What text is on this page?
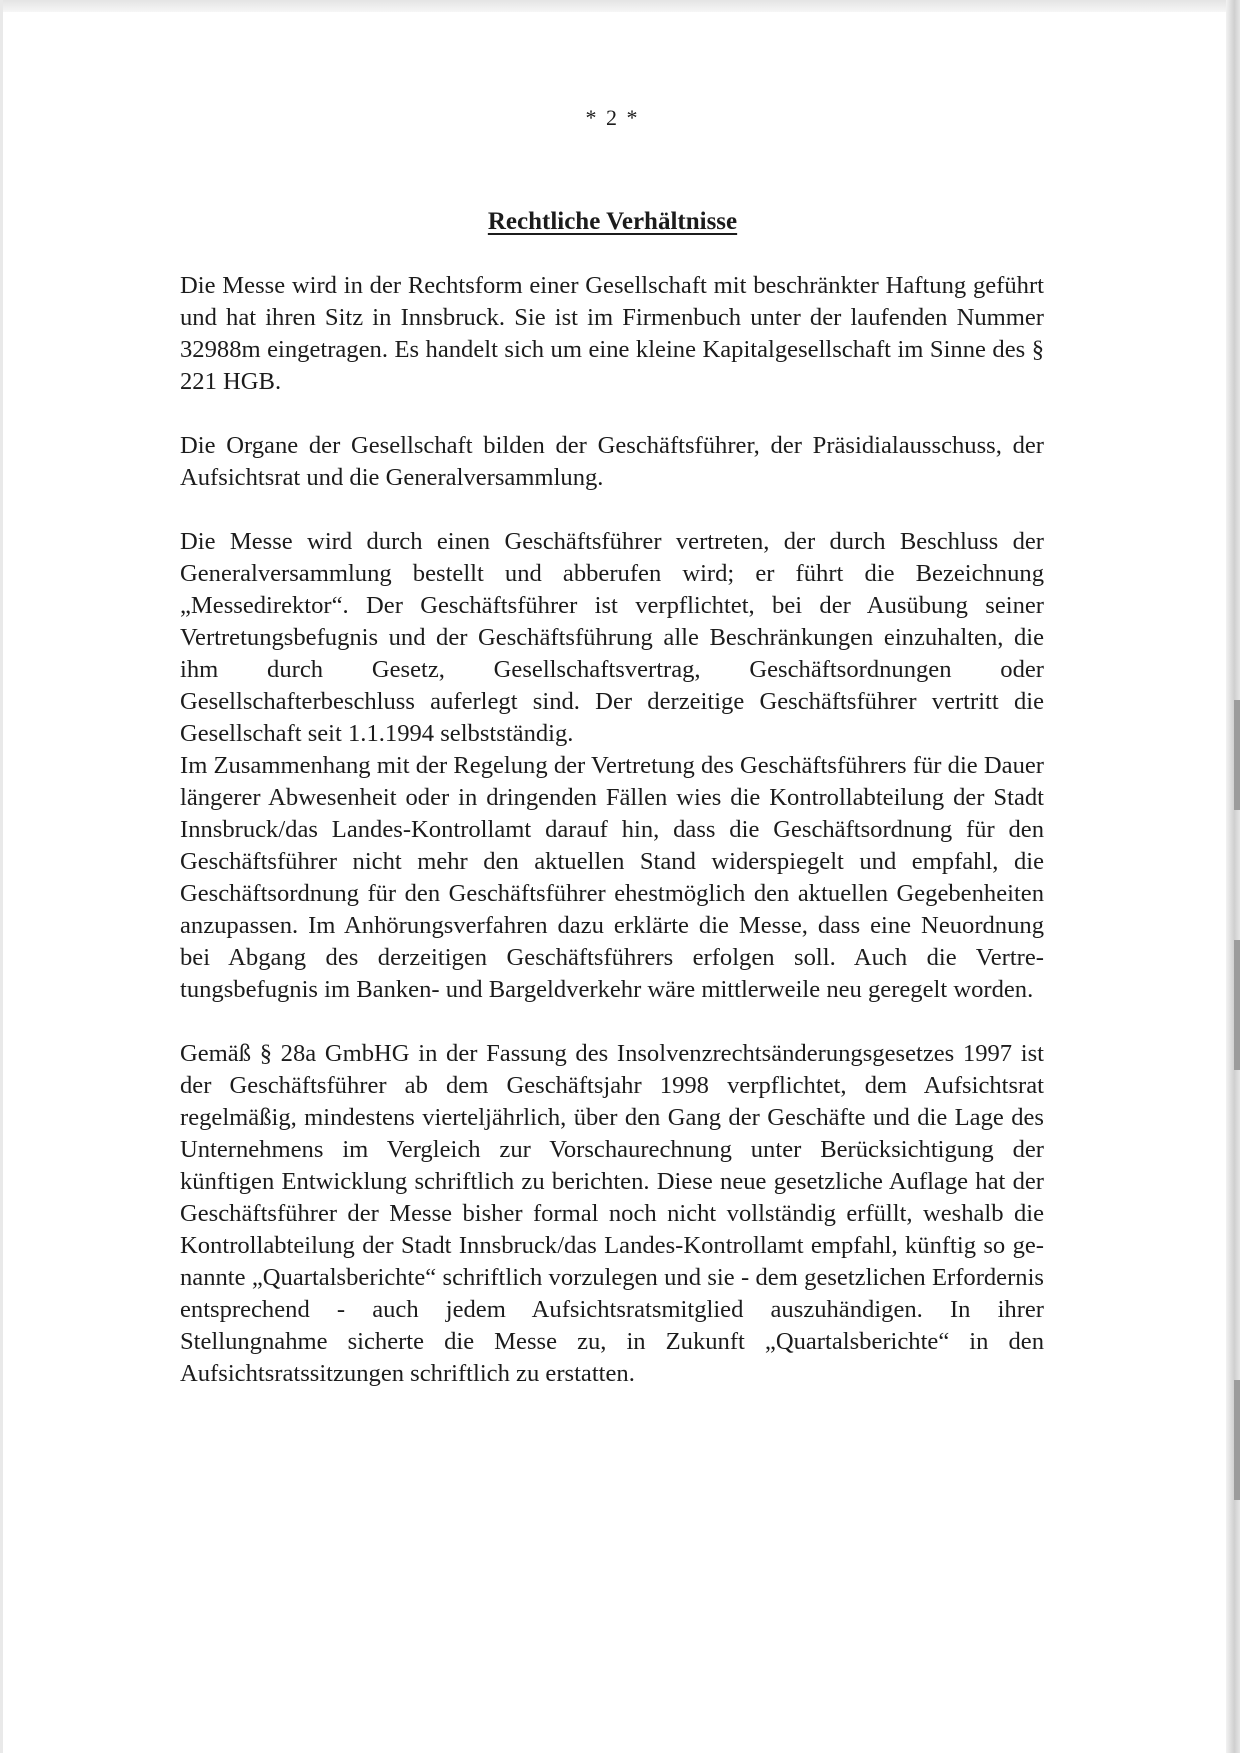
* 2 *
Rechtliche Verhältnisse

Die Messe wird in der Rechtsform einer Gesellschaft mit beschränkter Haftung geführt und hat ihren Sitz in Innsbruck. Sie ist im Firmenbuch unter der laufenden Nummer 32988m eingetragen. Es handelt sich um eine kleine Kapitalgesellschaft im Sinne des § 221 HGB.

Die Organe der Gesellschaft bilden der Geschäftsführer, der Präsidialausschuss, der Aufsichtsrat und die Generalversammlung.

Die Messe wird durch einen Geschäftsführer vertreten, der durch Beschluss der Generalversammlung bestellt und abberufen wird; er führt die Bezeichnung „Messedirektor“. Der Geschäftsführer ist verpflichtet, bei der Ausübung seiner Vertretungsbefugnis und der Geschäftsführung alle Beschränkungen einzuhalten, die ihm durch Gesetz, Gesellschaftsvertrag, Geschäftsordnungen oder Gesellschafterbeschluss auferlegt sind. Der derzeitige Geschäftsführer vertritt die Gesellschaft seit 1.1.1994 selbstständig.

Im Zusammenhang mit der Regelung der Vertretung des Geschäftsführers für die Dauer längerer Abwesenheit oder in dringenden Fällen wies die Kontrollabteilung der Stadt Innsbruck/das Landes-Kontrollamt darauf hin, dass die Geschäftsordnung für den Geschäftsführer nicht mehr den aktuellen Stand widerspiegelt und empfahl, die Geschäftsordnung für den Geschäftsführer ehestmöglich den aktuellen Gegebenheiten anzupassen. Im Anhörungsverfahren dazu erklärte die Messe, dass eine Neuordnung bei Abgang des derzeitigen Geschäftsführers erfolgen soll. Auch die Vertretungsbefugnis im Banken- und Bargeldverkehr wäre mittlerweile neu geregelt worden.

Gemäß § 28a GmbHG in der Fassung des Insolvenzrechtsänderungsgesetzes 1997 ist der Geschäftsführer ab dem Geschäftsjahr 1998 verpflichtet, dem Aufsichtsrat regelmäßig, mindestens vierteljährlich, über den Gang der Geschäfte und die Lage des Unternehmens im Vergleich zur Vorschaurechnung unter Berücksichtigung der künftigen Entwicklung schriftlich zu berichten. Diese neue gesetzliche Auflage hat der Geschäftsführer der Messe bisher formal noch nicht vollständig erfüllt, weshalb die Kontrollabteilung der Stadt Innsbruck/das Landes-Kontrollamt empfahl, künftig so genannte „Quartalsberichte“ schriftlich vorzulegen und sie - dem gesetzlichen Erfordernis entsprechend - auch jedem Aufsichtsratsmitglied auszuhändigen. In ihrer Stellungnahme sicherte die Messe zu, in Zukunft „Quartalsberichte“ in den Aufsichtsratssitzungen schriftlich zu erstatten.
